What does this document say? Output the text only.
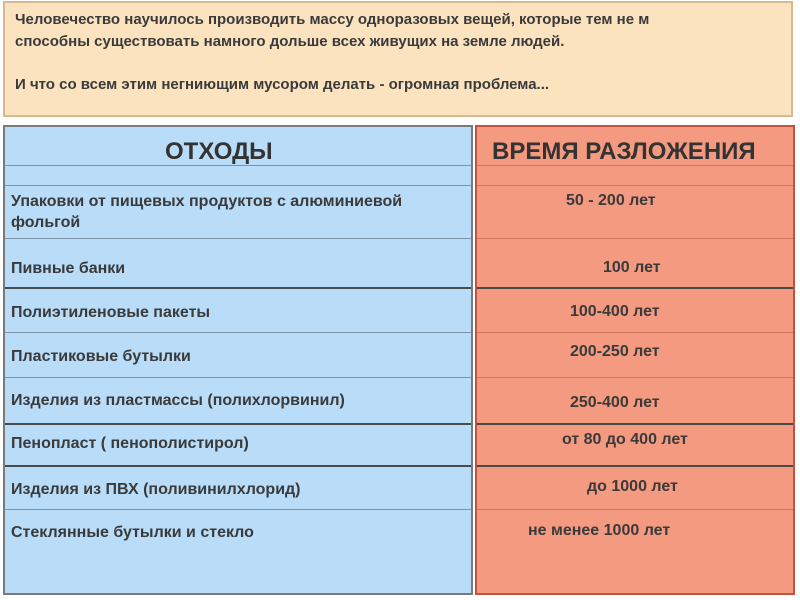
Человечество научилось производить массу одноразовых вещей, которые тем не м
способны существовать намного дольше всех живущих на земле людей.
И что со всем этим негниющим мусором делать - огромная проблема...
ОТХОДЫ
Упаковки от пищевых продуктов с алюминиевой фольгой
Пивные банки
Полиэтиленовые пакеты
Пластиковые бутылки
Изделия из пластмассы (полихлорвинил)
Пенопласт ( пенополистирол)
Изделия из ПВХ (поливинилхлорид)
Стеклянные бутылки и стекло
ВРЕМЯ РАЗЛОЖЕНИЯ
50 - 200 лет
100 лет
100-400 лет
200-250 лет
250-400 лет
от 80 до 400 лет
до 1000 лет
не менее 1000 лет
